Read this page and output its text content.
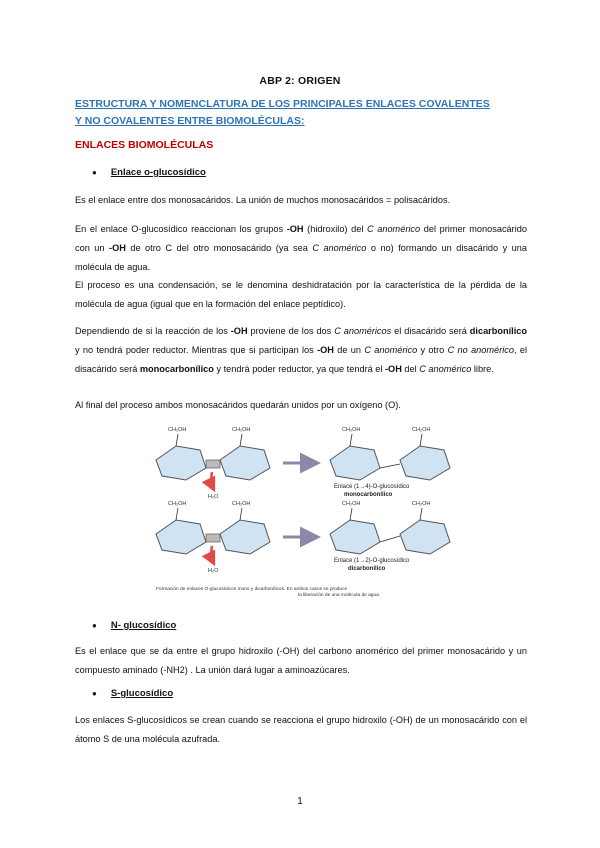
ABP 2: ORIGEN
ESTRUCTURA Y NOMENCLATURA DE LOS PRINCIPALES ENLACES COVALENTES
Y NO COVALENTES ENTRE BIOMOLÉCULAS:
ENLACES BIOMOLÉCULAS
● Enlace o-glucosídico
Es el enlace entre dos monosacáridos. La unión de muchos monosacáridos = polisacáridos.
En el enlace O-glucosídico reaccionan los grupos -OH (hidroxilo) del C anomérico del primer monosacárido con un -OH de otro C del otro monosacárido (ya sea C anomérico o no) formando un disacárido y una molécula de agua.
El proceso es una condensación, se le denomina deshidratación por la característica de la pérdida de la molécula de agua (igual que en la formación del enlace peptídico).
Dependiendo de si la reacción de los -OH proviene de los dos C anoméricos el disacárido será dicarbonílico y no tendrá poder reductor. Mientras que si participan los -OH de un C anomérico y otro C no anomérico, el disacárido será monocarbonílico y tendrá poder reductor, ya que tendrá el -OH del C anomérico libre.
Al final del proceso ambos monosacáridos quedarán unidos por un oxígeno (O).
CH₂OH	CH₂OH	CH₂OH	CH₂OH
CH₂OH	CH₂OH	CH₂OH	CH₂OH
H₂O
H₂O
Enlace (1→4)-O-glucosídico
monocarbonílico
Enlace (1→2)-O-glucosídico
dicarbonílico
Formación de enlaces O-glucosídicos mono y dicarbonílicos. En ambos casos se produce
la liberación de una molécula de agua.
● N- glucosídico
Es el enlace que se da entre el grupo hidroxilo (-OH) del carbono anomérico del primer monosacárido y un compuesto aminado (-NH2) . La unión dará lugar a aminoazúcares.
● S-glucosídico
Los enlaces S-glucosídicos se crean cuando se reacciona el grupo hidroxilo (-OH) de un monosacárido con el átomo S de una molécula azufrada.
1
